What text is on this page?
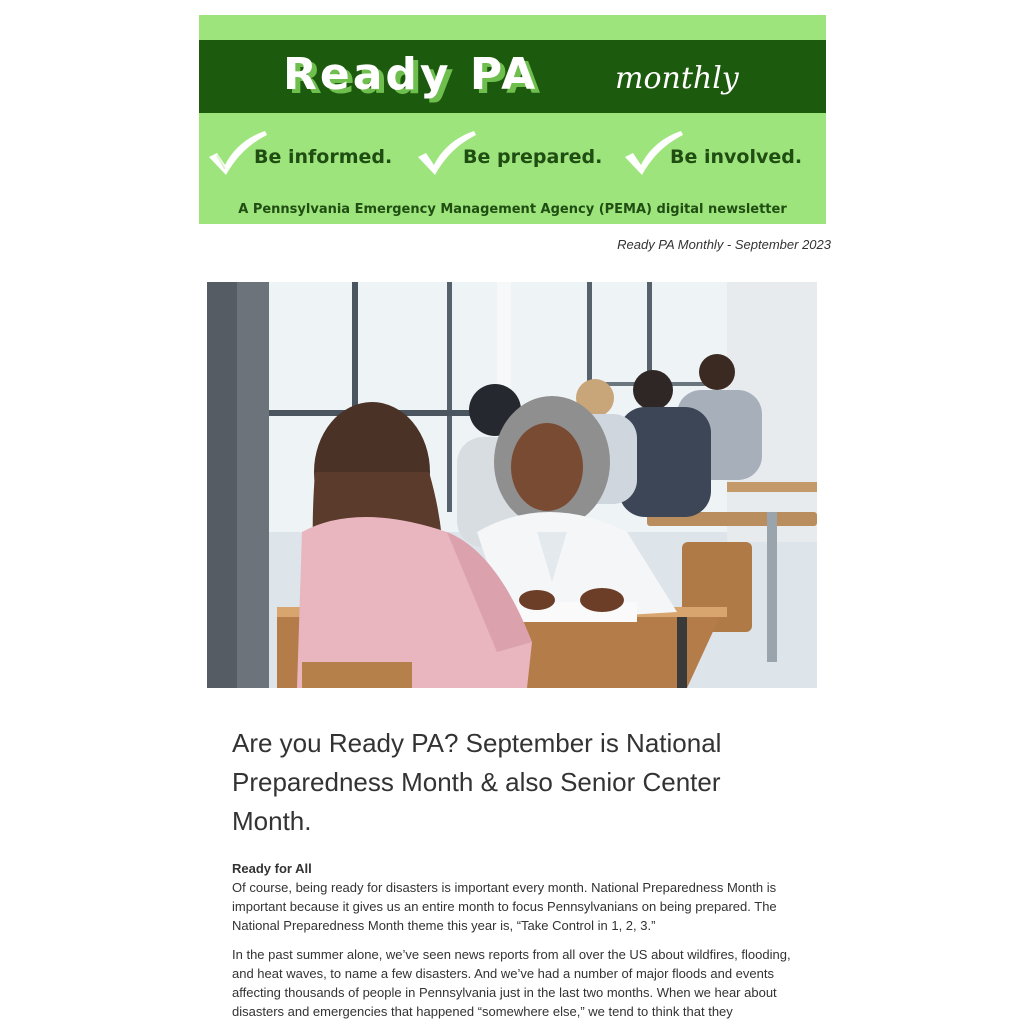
Ready PA	monthly
Be informed.	Be prepared.	Be involved.
A Pennsylvania Emergency Management Agency (PEMA) digital newsletter
Ready PA Monthly - September 2023
Are you Ready PA? September is National Preparedness Month & also Senior Center Month.
Ready for All

Of course, being ready for disasters is important every month. National Preparedness Month is important because it gives us an entire month to focus Pennsylvanians on being prepared. The National Preparedness Month theme this year is, “Take Control in 1, 2, 3.”

In the past summer alone, we’ve seen news reports from all over the US about wildfires, flooding, and heat waves, to name a few disasters. And we’ve had a number of major floods and events affecting thousands of people in Pennsylvania just in the last two months. When we hear about disasters and emergencies that happened “somewhere else,” we tend to think that they
